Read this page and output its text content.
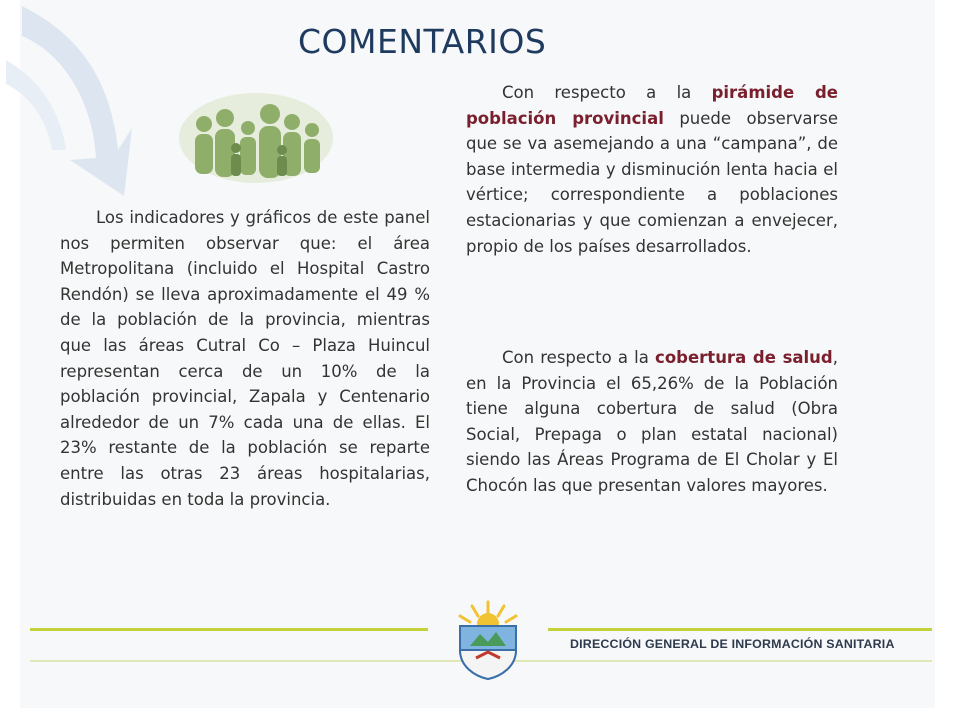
COMENTARIOS

Los indicadores y gráficos de este panel nos permiten observar que: el área Metropolitana (incluido el Hospital Castro Rendón) se lleva aproximadamente el 49 % de la población de la provincia, mientras que las áreas Cutral Co – Plaza Huincul representan cerca de un 10% de la población provincial, Zapala y Centenario alrededor de un 7% cada una de ellas. El 23% restante de la población se reparte entre las otras 23 áreas hospitalarias, distribuidas en toda la provincia.

Con respecto a la pirámide de población provincial puede observarse que se va asemejando a una “campana”, de base intermedia y disminución lenta hacia el vértice; correspondiente a poblaciones estacionarias y que comienzan a envejecer, propio de los países desarrollados.

Con respecto a la cobertura de salud, en la Provincia el 65,26% de la Población tiene alguna cobertura de salud (Obra Social, Prepaga o plan estatal nacional) siendo las Áreas Programa de El Cholar y El Chocón las que presentan valores mayores.

DIRECCIÓN GENERAL DE INFORMACIÓN SANITARIA
